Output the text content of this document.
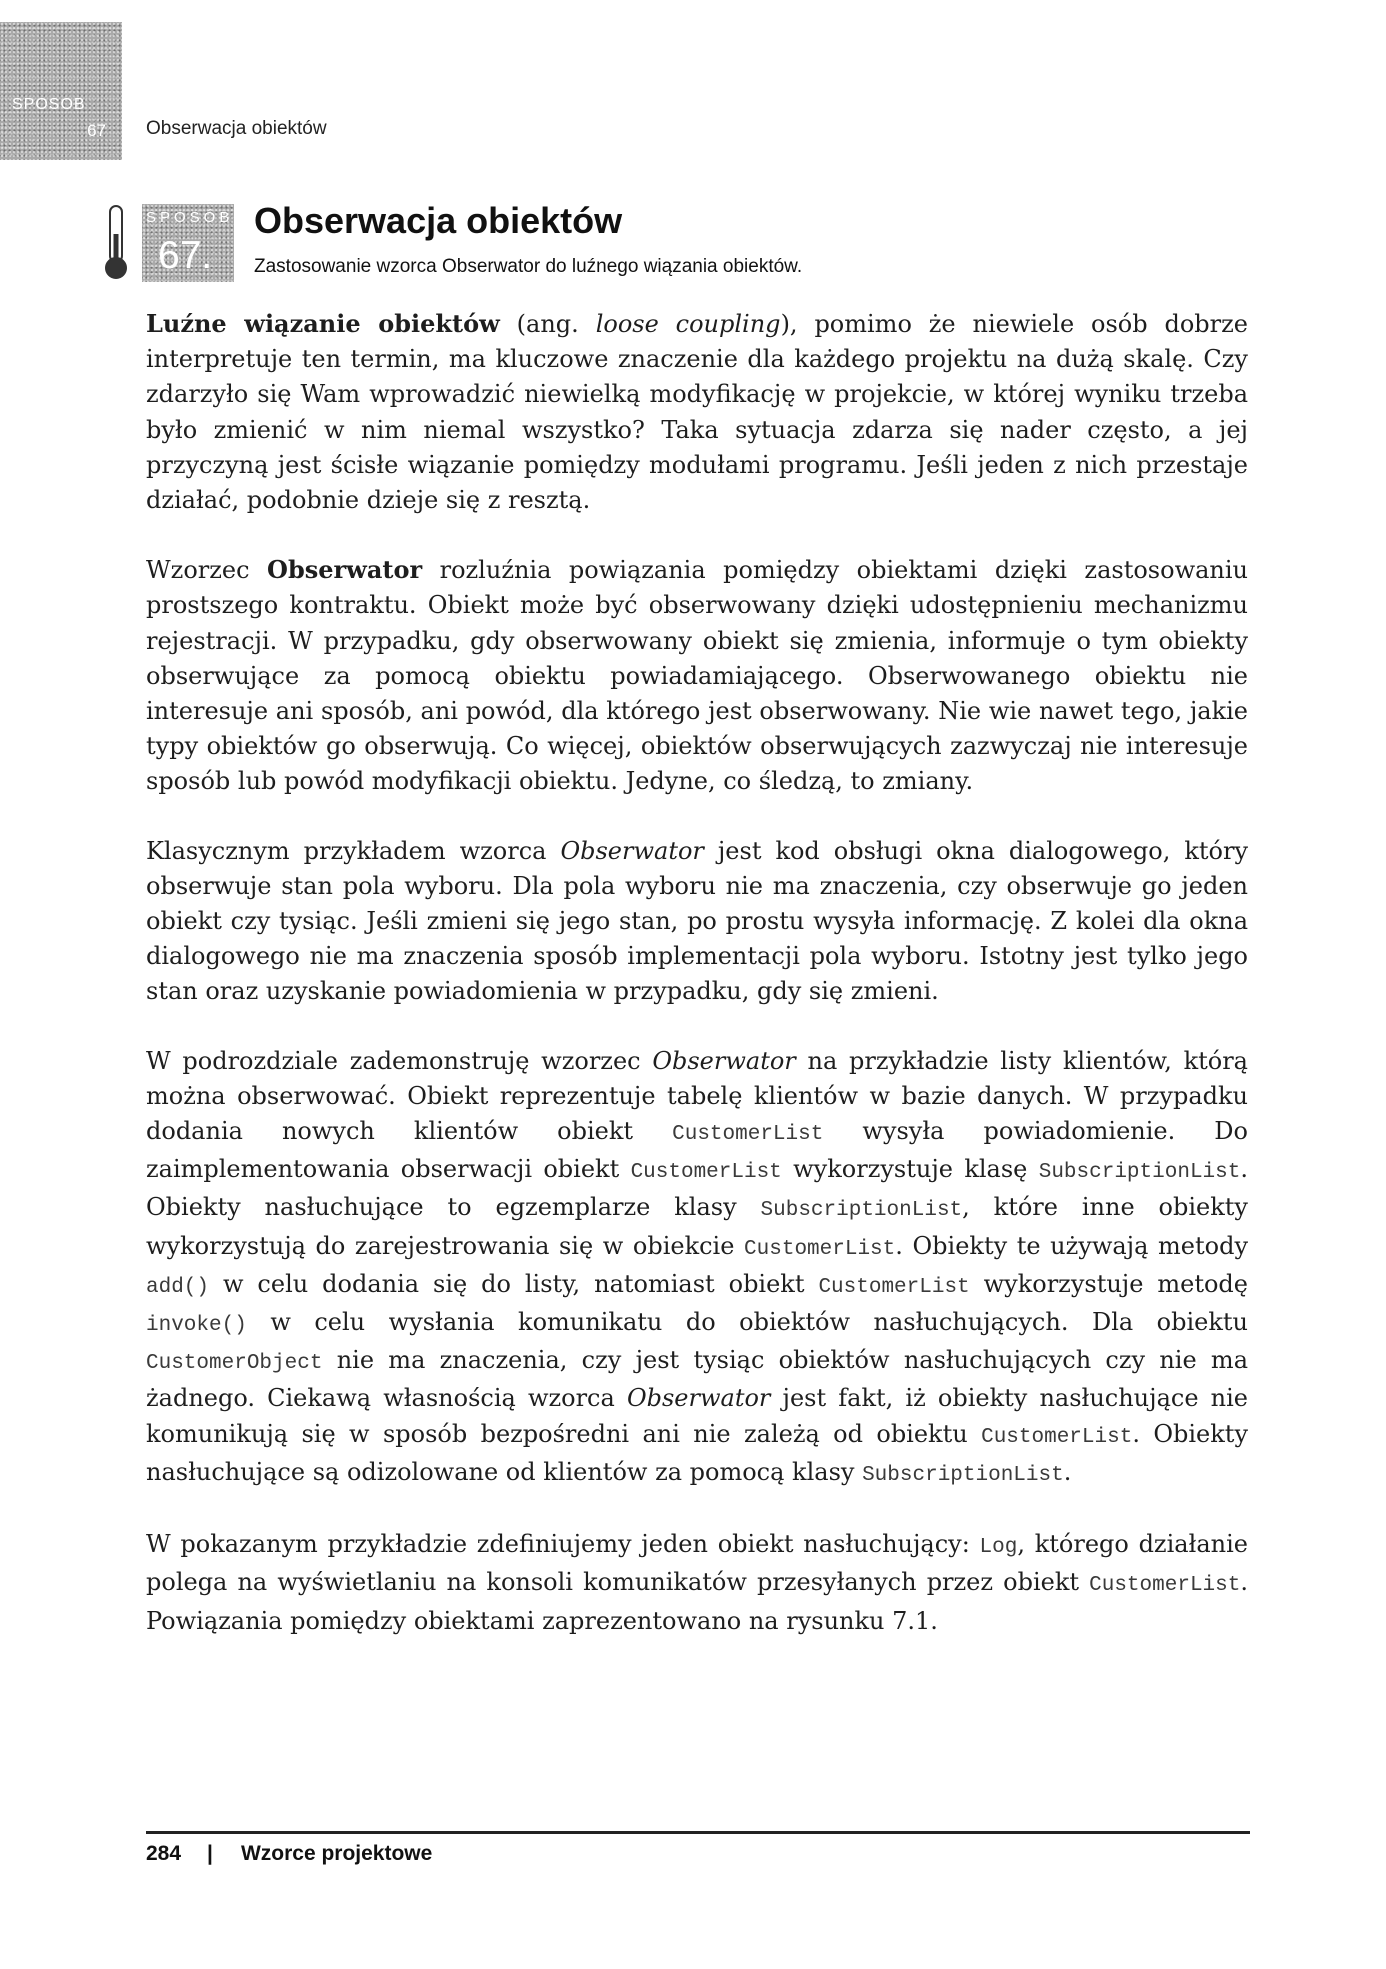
SPOSOB
67 Obserwacja obiektów
SPOSÓB
67.
Obserwacja obiektów
Zastosowanie wzorca Obserwator do luźnego wiązania obiektów.

Luźne wiązanie obiektów (ang. loose coupling), pomimo że niewiele osób dobrze interpretuje ten termin, ma kluczowe znaczenie dla każdego projektu na dużą skalę. Czy zdarzyło się Wam wprowadzić niewielką modyfikację w projekcie, w której wyniku trzeba było zmienić w nim niemal wszystko? Taka sytuacja zdarza się nader często, a jej przyczyną jest ścisłe wiązanie pomiędzy modułami programu. Jeśli jeden z nich przestaje działać, podobnie dzieje się z resztą.

Wzorzec Obserwator rozluźnia powiązania pomiędzy obiektami dzięki zastosowaniu prostszego kontraktu. Obiekt może być obserwowany dzięki udostępnieniu mechanizmu rejestracji. W przypadku, gdy obserwowany obiekt się zmienia, informuje o tym obiekty obserwujące za pomocą obiektu powiadamiającego. Obserwowanego obiektu nie interesuje ani sposób, ani powód, dla którego jest obserwowany. Nie wie nawet tego, jakie typy obiektów go obserwują. Co więcej, obiektów obserwujących zazwyczaj nie interesuje sposób lub powód modyfikacji obiektu. Jedyne, co śledzą, to zmiany.

Klasycznym przykładem wzorca Obserwator jest kod obsługi okna dialogowego, który obserwuje stan pola wyboru. Dla pola wyboru nie ma znaczenia, czy obserwuje go jeden obiekt czy tysiąc. Jeśli zmieni się jego stan, po prostu wysyła informację. Z kolei dla okna dialogowego nie ma znaczenia sposób implementacji pola wyboru. Istotny jest tylko jego stan oraz uzyskanie powiadomienia w przypadku, gdy się zmieni.

W podrozdziale zademonstruję wzorzec Obserwator na przykładzie listy klientów, którą można obserwować. Obiekt reprezentuje tabelę klientów w bazie danych. W przypadku dodania nowych klientów obiekt CustomerList wysyła powiadomienie. Do zaimplementowania obserwacji obiekt CustomerList wykorzystuje klasę SubscriptionList. Obiekty nasłuchujące to egzemplarze klasy SubscriptionList, które inne obiekty wykorzystują do zarejestrowania się w obiekcie CustomerList. Obiekty te używają metody add() w celu dodania się do listy, natomiast obiekt CustomerList wykorzystuje metodę invoke() w celu wysłania komunikatu do obiektów nasłuchujących. Dla obiektu CustomerObject nie ma znaczenia, czy jest tysiąc obiektów nasłuchujących czy nie ma żadnego. Ciekawą własnością wzorca Obserwator jest fakt, iż obiekty nasłuchujące nie komunikują się w sposób bezpośredni ani nie zależą od obiektu CustomerList. Obiekty nasłuchujące są odizolowane od klientów za pomocą klasy SubscriptionList.

W pokazanym przykładzie zdefiniujemy jeden obiekt nasłuchujący: Log, którego działanie polega na wyświetlaniu na konsoli komunikatów przesyłanych przez obiekt CustomerList. Powiązania pomiędzy obiektami zaprezentowano na rysunku 7.1.

284 | Wzorce projektowe
